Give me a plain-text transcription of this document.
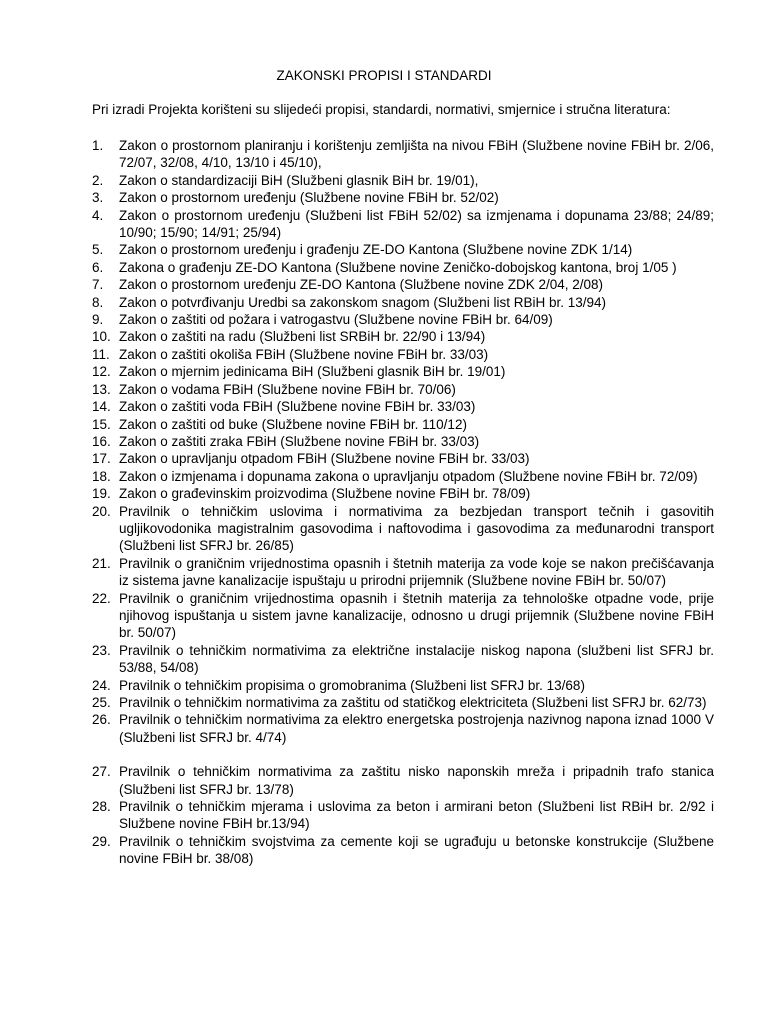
ZAKONSKI PROPISI I STANDARDI
Pri izradi Projekta korišteni su slijedeći propisi, standardi, normativi, smjernice i stručna literatura:
1.	Zakon o prostornom planiranju i korištenju zemljišta na nivou FBiH (Službene novine FBiH br. 2/06, 72/07, 32/08, 4/10, 13/10 i 45/10),
2.	Zakon o standardizaciji BiH (Službeni glasnik BiH br. 19/01),
3.	Zakon o prostornom uređenju (Službene novine FBiH br. 52/02)
4.	Zakon o prostornom uređenju (Službeni list FBiH 52/02) sa izmjenama i dopunama 23/88; 24/89; 10/90; 15/90; 14/91; 25/94)
5.	Zakon o prostornom uređenju i građenju ZE-DO Kantona (Službene novine ZDK 1/14)
6.	Zakona o građenju ZE-DO Kantona (Službene novine Zeničko-dobojskog kantona, broj 1/05 )
7.	Zakon o prostornom uređenju ZE-DO Kantona (Službene novine ZDK 2/04, 2/08)
8.	Zakon o potvrđivanju Uredbi sa zakonskom snagom (Službeni list RBiH br. 13/94)
9.	Zakon o zaštiti od požara i vatrogastvu (Službene novine FBiH br. 64/09)
10. Zakon o zaštiti na radu (Službeni list SRBiH br. 22/90 i 13/94)
11. Zakon o zaštiti okoliša FBiH (Službene novine FBiH br. 33/03)
12. Zakon o mjernim jedinicama BiH (Službeni glasnik BiH br. 19/01)
13. Zakon o vodama FBiH (Službene novine FBiH br. 70/06)
14. Zakon o zaštiti voda FBiH (Službene novine FBiH br. 33/03)
15. Zakon o zaštiti od buke (Službene novine FBiH br. 110/12)
16. Zakon o zaštiti zraka FBiH (Službene novine FBiH br. 33/03)
17. Zakon o upravljanju otpadom FBiH (Službene novine FBiH br. 33/03)
18. Zakon o izmjenama i dopunama zakona o upravljanju otpadom (Službene novine FBiH br. 72/09)
19. Zakon o građevinskim proizvodima (Službene novine FBiH br. 78/09)
20. Pravilnik o tehničkim uslovima i normativima za bezbjedan transport tečnih i gasovitih ugljikovodonika magistralnim gasovodima i naftovodima i gasovodima za međunarodni transport (Službeni list SFRJ br. 26/85)
21. Pravilnik o graničnim vrijednostima opasnih i štetnih materija za vode koje se nakon prečišćavanja iz sistema javne kanalizacije ispuštaju u prirodni prijemnik (Službene novine FBiH br. 50/07)
22. Pravilnik o graničnim vrijednostima opasnih i štetnih materija za tehnološke otpadne vode, prije njihovog ispuštanja u sistem javne kanalizacije, odnosno u drugi prijemnik (Službene novine FBiH br. 50/07)
23. Pravilnik o tehničkim normativima za električne instalacije niskog napona (službeni list SFRJ br. 53/88, 54/08)
24. Pravilnik o tehničkim propisima o gromobranima (Službeni list SFRJ br. 13/68)
25. Pravilnik o tehničkim normativima za zaštitu od statičkog elektriciteta (Službeni list SFRJ br. 62/73)
26. Pravilnik o tehničkim normativima za elektro energetska postrojenja nazivnog napona iznad 1000 V (Službeni list SFRJ br. 4/74)
27. Pravilnik o tehničkim normativima za zaštitu nisko naponskih mreža i pripadnih trafo stanica (Službeni list SFRJ br. 13/78)
28. Pravilnik o tehničkim mjerama i uslovima za beton i armirani beton (Službeni list RBiH br. 2/92 i Službene novine FBiH br.13/94)
29. Pravilnik o tehničkim svojstvima za cemente koji se ugrađuju u betonske konstrukcije (Službene novine FBiH br. 38/08)
